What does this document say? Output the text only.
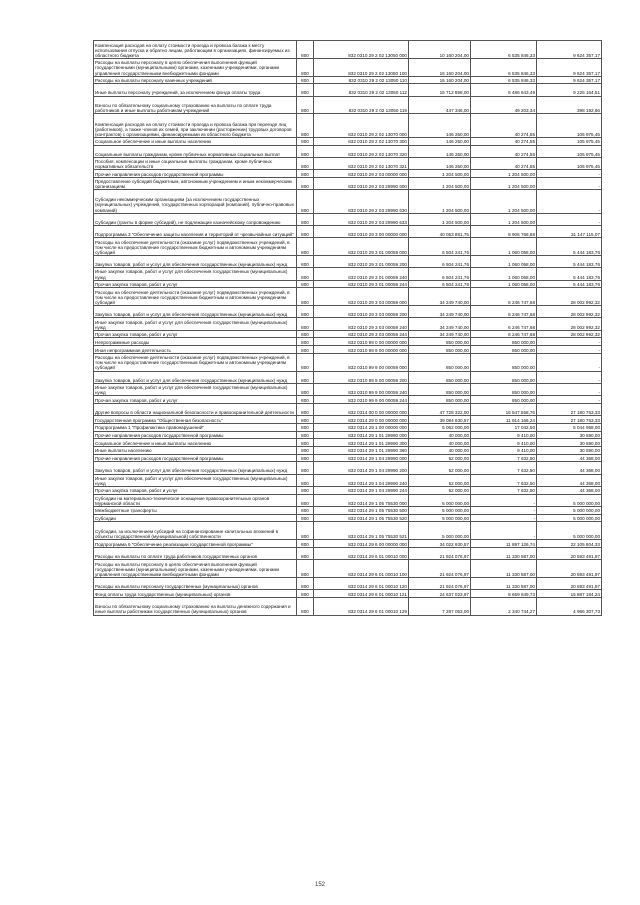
Компенсация расходов на оплату стоимости проезда и провоза багажа к месту использования отпуска и обратно лицам, работающим в организациях, финансируемых из областного бюджета	800	832 0310 29 2 02 13050 000	10 160 204,00	6 535 846,33	9 624 357,17
Расходы на выплаты персоналу в целях обеспечения выполнения функций государственными (муниципальными) органами, казенными учреждениями, органами управления государственными внебюджетными фондами	800	832 0310 29 2 02 13050 100	16 160 204,00	6 535 846,33	9 624 357,17
Расходы на выплаты персоналу казенных учреждений	800	832 0310 29 2 02 13050 110	16 160 204,00	6 535 846,33	9 624 357,17
Иные выплаты персоналу учреждений, за исключением фонда оплаты труда	800	832 0310 29 2 02 13050 112	15 712 858,00	6 486 643,49	9 226 164,51
Взносы по обязательному социальному страхованию на выплаты по оплате труда работников и иные выплаты работникам учреждений	800	832 0310 29 2 02 13050 119	447 346,00	49 203,34	398 192,66
Компенсация расходов на оплату стоимости проезда и провоза багажа при переезде лиц (работников), а также членов их семей, при заключении (расторжении) трудовых договоров (контрактов) с организациями, финансируемыми из областного бюджета	800	832 0310 29 2 02 13070 000	146 250,00	40 274,55	105 975,45
Социальное обеспечение и иные выплаты населению	800	832 0310 29 2 02 13070 300	146 250,00	40 274,55	105 975,45
Социальные выплаты гражданам, кроме публичных нормативных социальных выплат	800	832 0310 29 2 02 13070 320	146 250,00	40 274,55	105 975,45
Пособия, компенсации и иные социальные выплаты гражданам, кроме публичных нормативных обязательств	800	832 0310 29 2 02 13070 321	146 250,00	40 274,55	105 975,45
Прочие направления расходов государственной программы	800	832 0310 29 2 03 00000 000	1 204 500,00	1 204 500,00	-
Предоставление субсидий бюджетным, автономным учреждениям и иным некоммерческим организациям	800	832 0310 29 2 03 29990 600	1 204 500,00	1 204 500,00	-
Субсидии некоммерческим организациям (за исключением государственных (муниципальных) учреждений, государственных корпораций (компаний), публично-правовых компаний)	800	832 0310 29 2 03 29990 630	1 204 500,00	1 204 500,00	-
Субсидии (гранты в форме субсидий), не подлежащие казначейскому сопровождению	800	832 0310 29 2 03 29990 633	1 204 500,00	1 204 500,00	-
Подпрограмма 3 "Обеспечение защиты населения и территорий от чрезвычайных ситуаций"	800	832 0310 29 3 00 00000 000	40 053 881,75	8 906 766,68	31 147 115,07
Расходы на обеспечение деятельности (оказание услуг) подведомственных учреждений, в том числе на предоставление государственным бюджетным и автономным учреждениям субсидий	800	832 0310 29 3 01 00059 000	6 504 241,76	1 060 058,00	5 444 183,76
Закупка товаров, работ и услуг для обеспечения государственных (муниципальных) нужд	800	832 0310 29 3 01 00059 200	6 504 241,76	1 060 058,00	5 444 183,76
Иные закупки товаров, работ и услуг для обеспечения государственных (муниципальных) нужд	800	832 0310 29 3 01 00059 240	6 504 241,76	1 060 058,00	5 444 183,76
Прочая закупка товаров, работ и услуг	800	832 0310 29 3 01 00059 244	6 504 241,76	1 060 058,00	5 444 183,76
Расходы на обеспечение деятельности (оказание услуг) подведомственных учреждений, в том числе на предоставление государственным бюджетным и автономным учреждениям субсидий	800	832 0310 29 3 03 00059 000	34 249 740,00	6 246 747,68	28 002 992,32
Закупка товаров, работ и услуг для обеспечения государственных (муниципальных) нужд	800	832 0310 29 3 03 00059 200	34 249 740,00	6 246 747,68	28 002 992,32
Иные закупки товаров, работ и услуг для обеспечения государственных (муниципальных) нужд	800	832 0310 29 3 03 00059 240	34 249 740,00	6 246 747,68	28 002 992,32
Прочая закупка товаров, работ и услуг	800	832 0310 29 3 03 00059 244	34 249 740,00	6 246 747,68	28 002 992,32
Непрограммные расходы	800	832 0310 99 0 00 00000 000	850 000,00	850 000,00	-
Иная непрограммная деятельность	800	832 0310 99 9 00 00000 000	850 000,00	850 000,00	-
Расходы на обеспечение деятельности (оказание услуг) подведомственных учреждений, в том числе на предоставление государственным бюджетным и автономным учреждениям субсидий	800	832 0310 99 9 00 00059 000	850 000,00	850 000,00	-
Закупка товаров, работ и услуг для обеспечения государственных (муниципальных) нужд	800	832 0310 99 9 00 00059 200	850 000,00	850 000,00	-
Иные закупки товаров, работ и услуг для обеспечения государственных (муниципальных) нужд	800	832 0310 99 9 00 00059 240	850 000,00	850 000,00	-
Прочая закупка товаров, работ и услуг	800	832 0310 99 9 00 00059 244	850 000,00	850 000,00	-
Другие вопросы в области национальной безопасности и правоохранительной деятельности	800	832 0314 00 0 00 00000 000	47 728 322,00	16 547 558,76	27 180 763,33
Государственная программа "Общественная безопасность"	800	832 0314 29 0 00 00000 000	39 084 930,57	11 914 166,24	27 180 763,33
Подпрограмма 1 "Профилактика правонарушений"	800	832 0314 29 1 00 00000 000	5 062 000,00	17 042,50	5 044 958,00
Прочие направления расходов государственной программы	800	832 0314 29 1 01 29990 000	40 000,00	9 410,00	30 590,00
Социальное обеспечение и иные выплаты населению	800	832 0314 29 1 01 29990 300	40 000,00	9 410,00	30 590,00
Иные выплаты населению	800	832 0314 29 1 01 29990 360	40 000,00	9 410,00	30 590,00
Прочие направления расходов государственной программы	800	832 0314 29 1 04 29990 000	52 000,00	7 632,50	44 368,00
Закупка товаров, работ и услуг для обеспечения государственных (муниципальных) нужд	800	832 0314 29 1 04 29990 200	52 000,00	7 632,50	44 368,00
Иные закупки товаров, работ и услуг для обеспечения государственных (муниципальных) нужд	800	832 0314 29 1 04 29990 240	52 000,00	7 632,50	44 368,00
Прочая закупка товаров, работ и услуг	800	832 0314 29 1 04 29990 244	52 000,00	7 632,50	44 368,00
Субсидии на материально-техническое оснащение правоохранительных органов Мурманской области	800	832 0314 29 1 05 75530 000	5 000 000,00	-	5 000 000,00
Межбюджетные трансферты	800	832 0314 29 1 05 75530 500	5 000 000,00	-	5 000 000,00
Субсидии	800	832 0314 29 1 05 75530 520	5 000 000,00	-	5 000 000,00
Субсидии, за исключением субсидий на софинансирование капитальных вложений в объекты государственной (муниципальной) собственности	800	832 0314 29 1 05 75530 521	5 000 000,00	-	5 000 000,00
Подпрограмма 6 "Обеспечение реализации государственной программы"	800	832 0314 29 6 00 00000 000	34 022 930,57	11 897 126,74	22 105 804,33
Расходы на выплаты по оплате труда работников государственных органов	800	832 0314 29 6 01 00010 000	21 924 076,97	11 330 587,00	20 593 491,97
Расходы на выплаты персоналу в целях обеспечения выполнения функций государственными (муниципальными) органами, казенными учреждениями, органами управления государственными внебюджетными фондами	800	832 0314 29 6 01 00010 100	21 924 076,97	11 330 587,00	20 593 491,97
Расходы на выплаты персоналу государственных (муниципальных) органов	800	832 0314 29 6 01 00010 120	21 924 076,97	11 330 587,00	20 593 491,97
Фонд оплаты труда государственных (муниципальных) органов	800	832 0314 29 6 01 00010 121	24 637 023,97	8 659 849,73	15 887 184,24
Взносы по обязательному социальному страхованию на выплаты денежного содержания и иные выплаты работникам государственных (муниципальных) органов	800	832 0314 29 6 01 00010 129	7 287 053,00	2 340 744,27	4 966 307,73
152
